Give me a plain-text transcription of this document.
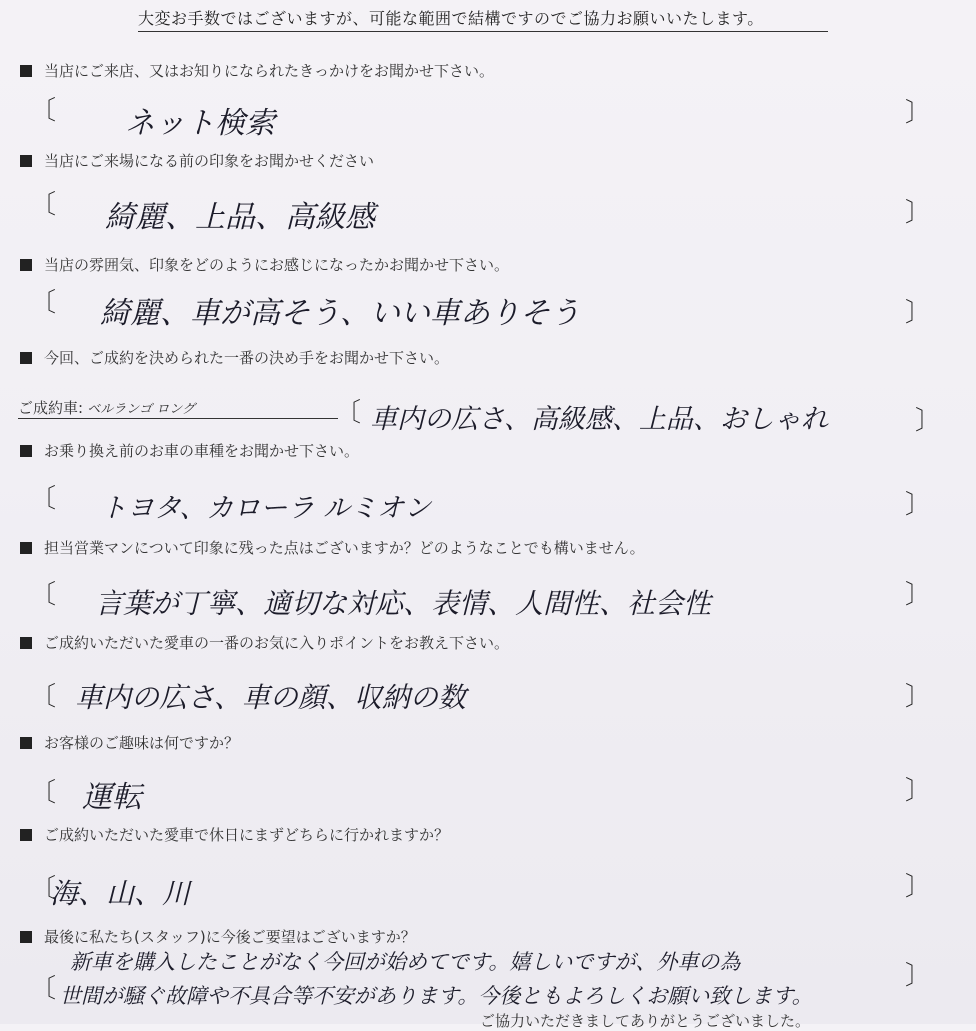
大変お手数ではございますが、可能な範囲で結構ですのでご協力お願いいたします。
当店にご来店、又はお知りになられたきっかけをお聞かせ下さい。
〔 ネット検索	〕
当店にご来場になる前の印象をお聞かせください
〔 綺麗、上品、高級感	〕
当店の雰囲気、印象をどのようにお感じになったかお聞かせ下さい。
〔 綺麗、車が高そう、いい車ありそう	〕
今回、ご成約を決められた一番の決め手をお聞かせ下さい。
ご成約車: ベルランゴ ロング	〔 車内の広さ、高級感、上品、おしゃれ	〕
お乗り換え前のお車の車種をお聞かせ下さい。
〔 トヨタ、カローラ ルミオン	〕
担当営業マンについて印象に残った点はございますか？どのようなことでも構いません。
〔 言葉が丁寧、適切な対応、表情、人間性、社会性	〕
ご成約いただいた愛車の一番のお気に入りポイントをお教え下さい。
〔 車内の広さ、車の顔、収納の数	〕
お客様のご趣味は何ですか？
〔 運転	〕
ご成約いただいた愛車で休日にまずどちらに行かれますか？
〔
海、山、川	〕
最後に私たち(スタッフ)に今後ご要望はございますか？
〔
新車を購入したことがなく今回が始めてです。嬉しいですが、外車の為
世間が騒ぐ故障や不具合等不安があります。今後ともよろしくお願い致します。
〕
ご協力いただきましてありがとうございました。
